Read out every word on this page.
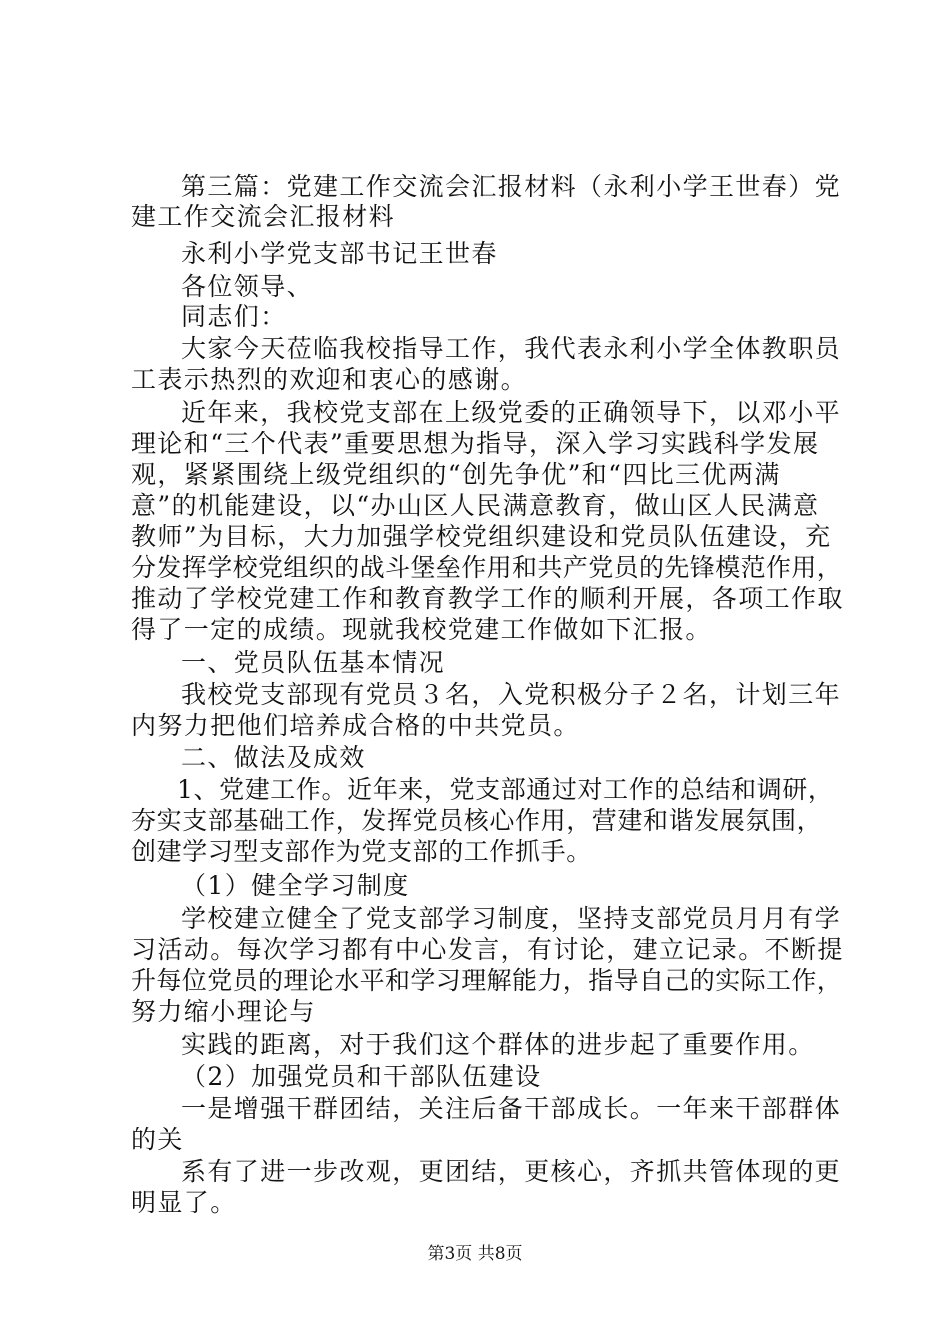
第三篇：党建工作交流会汇报材料（永利小学王世春）党
建工作交流会汇报材料
永利小学党支部书记王世春
各位领导、
同志们：
大家今天莅临我校指导工作，我代表永利小学全体教职员
工表示热烈的欢迎和衷心的感谢。
近年来，我校党支部在上级党委的正确领导下，以邓小平
理论和“三个代表”重要思想为指导，深入学习实践科学发展
观，紧紧围绕上级党组织的“创先争优”和“四比三优两满
意”的机能建设，以“办山区人民满意教育，做山区人民满意
教师”为目标，大力加强学校党组织建设和党员队伍建设，充
分发挥学校党组织的战斗堡垒作用和共产党员的先锋模范作用，
推动了学校党建工作和教育教学工作的顺利开展，各项工作取
得了一定的成绩。现就我校党建工作做如下汇报。
一、党员队伍基本情况
我校党支部现有党员３名，入党积极分子２名，计划三年
内努力把他们培养成合格的中共党员。
二、做法及成效
1、党建工作。近年来，党支部通过对工作的总结和调研，
夯实支部基础工作，发挥党员核心作用，营建和谐发展氛围，
创建学习型支部作为党支部的工作抓手。
（1）健全学习制度
学校建立健全了党支部学习制度，坚持支部党员月月有学
习活动。每次学习都有中心发言，有讨论，建立记录。不断提
升每位党员的理论水平和学习理解能力，指导自己的实际工作，
努力缩小理论与
实践的距离，对于我们这个群体的进步起了重要作用。
（2）加强党员和干部队伍建设
一是增强干群团结，关注后备干部成长。一年来干部群体
的关
系有了进一步改观，更团结，更核心，齐抓共管体现的更
明显了。
第3页 共8页
